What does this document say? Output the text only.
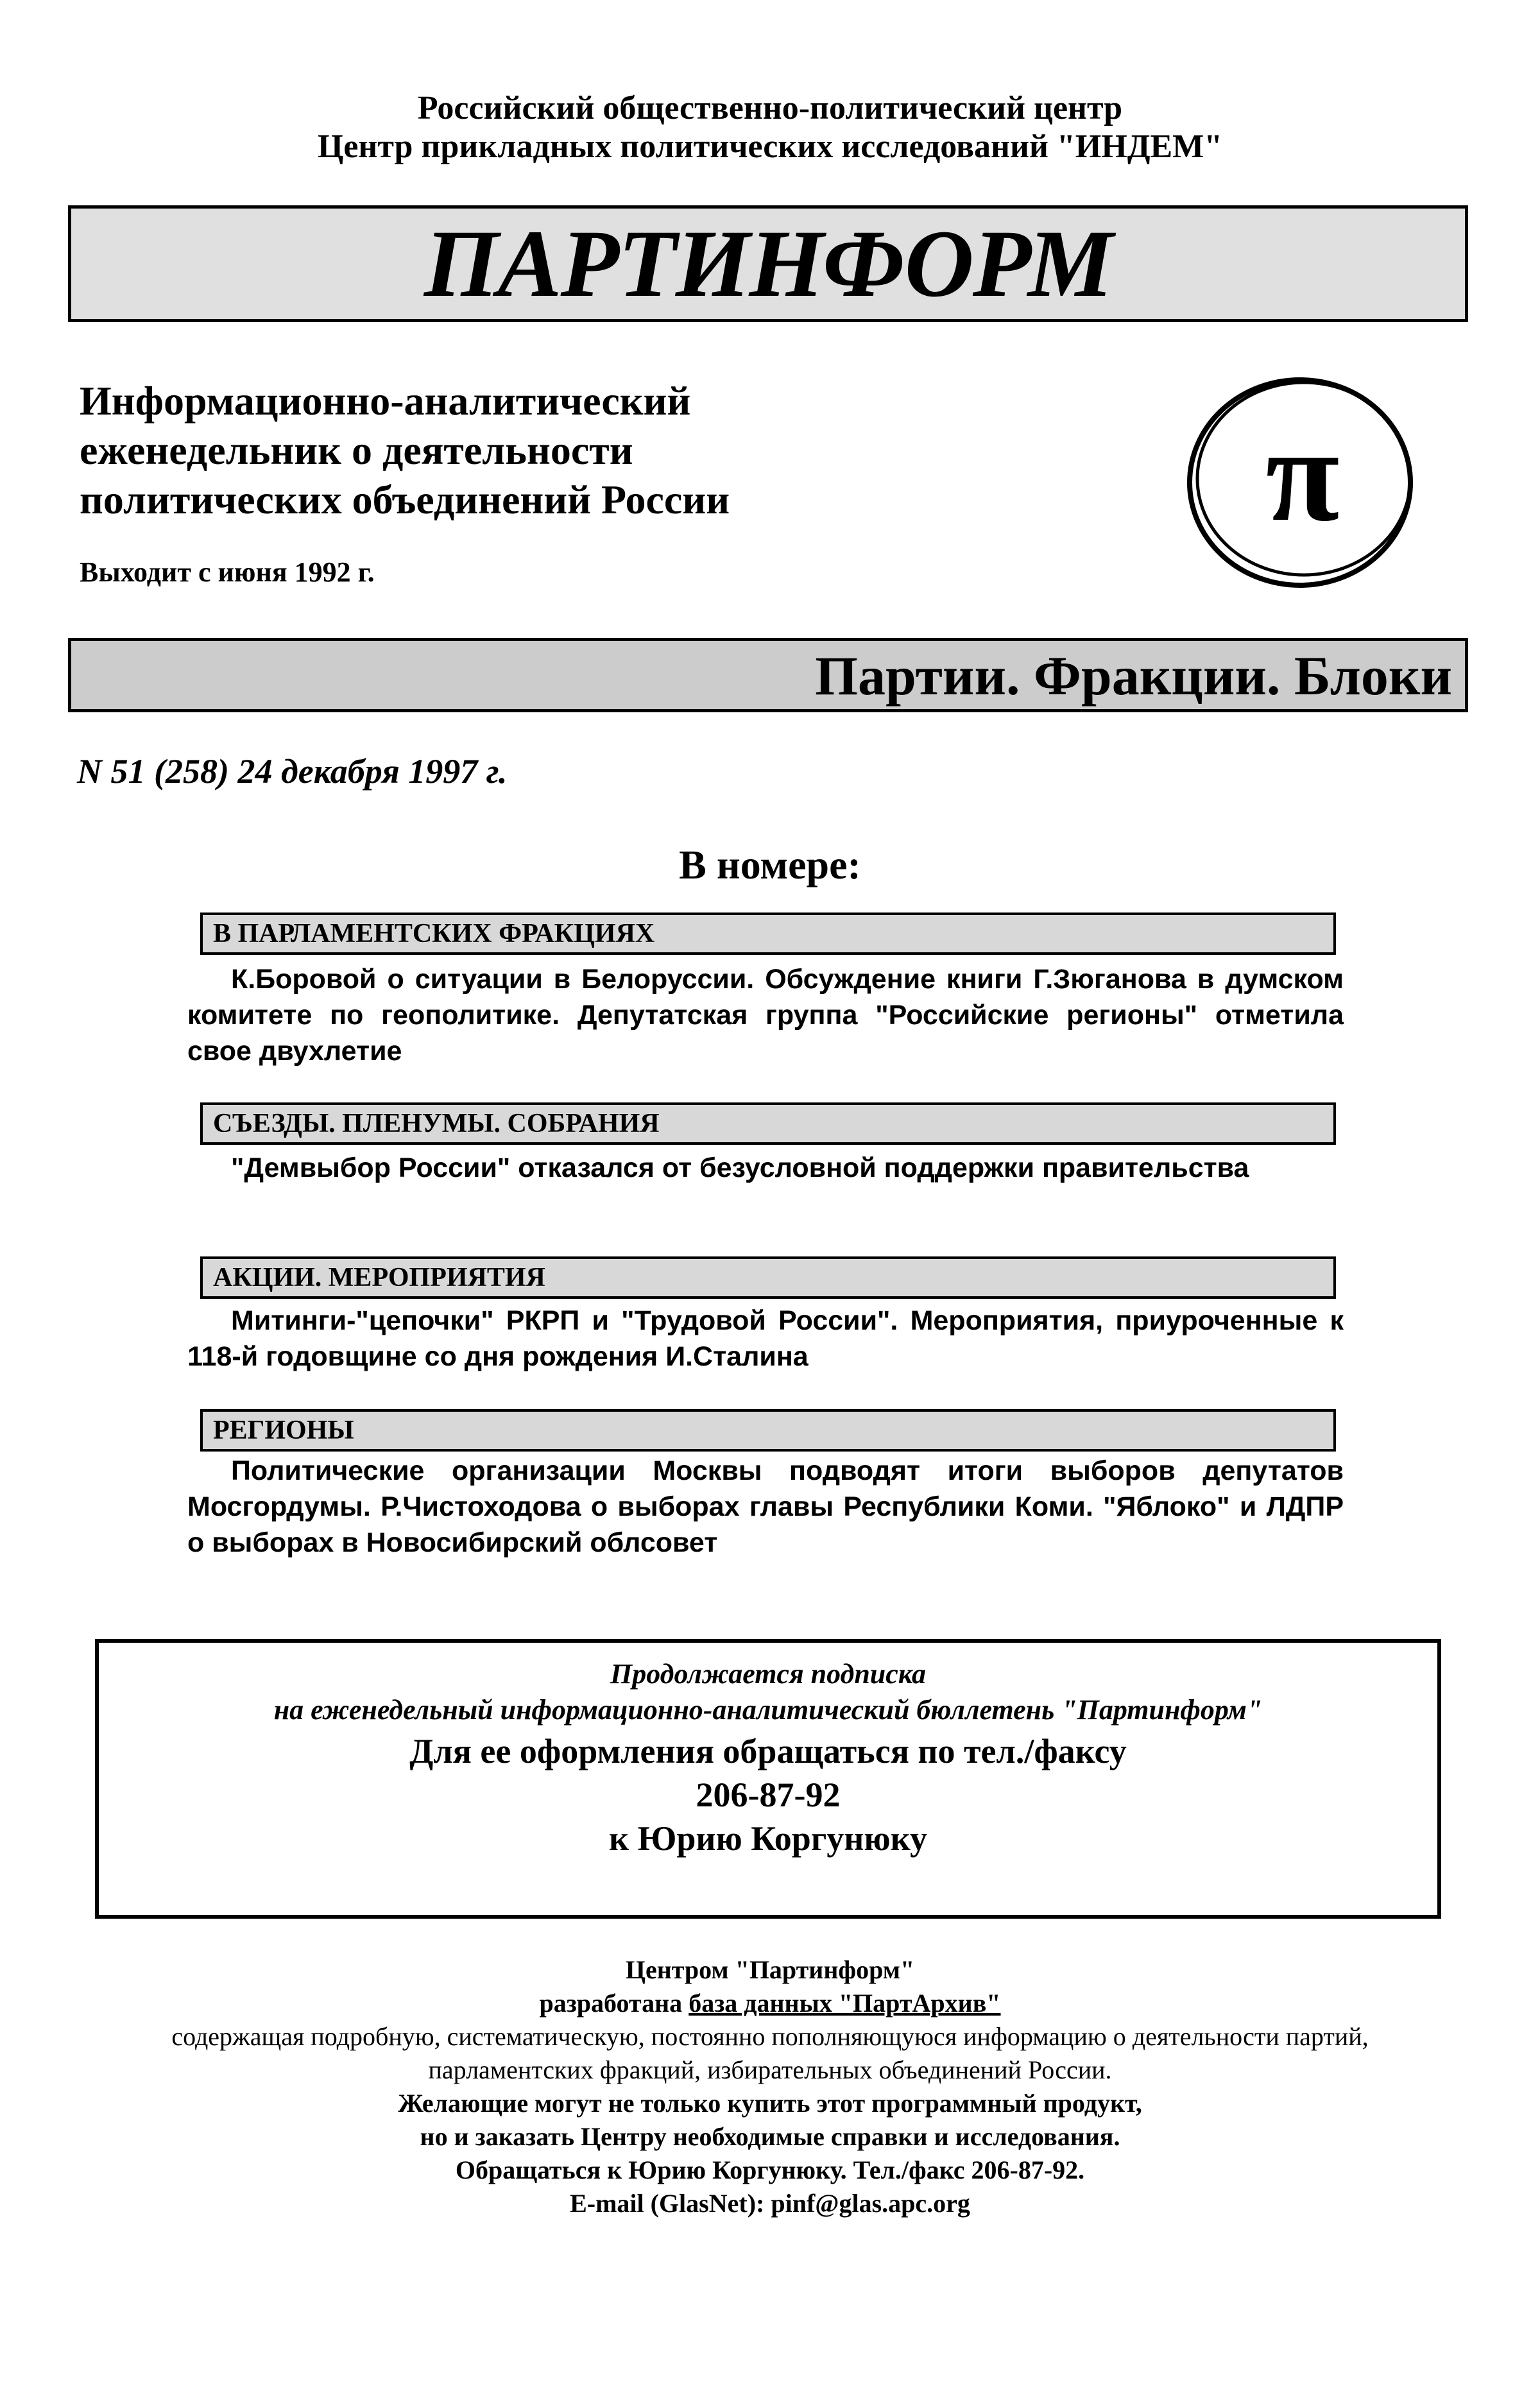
Российский общественно-политический центр
Центр прикладных политических исследований "ИНДЕМ"
ПАРТИНФОРМ
Информационно-аналитический
еженедельник о деятельности
политических объединений России
Выходит с июня 1992 г.
π
Партии. Фракции. Блоки
N 51 (258) 24 декабря 1997 г.
В номере:
В ПАРЛАМЕНТСКИХ ФРАКЦИЯХ
К.Боровой о ситуации в Белоруссии. Обсуждение книги Г.Зюганова в думском комитете по геополитике. Депутатская группа "Российские регионы" отметила свое двухлетие
СЪЕЗДЫ. ПЛЕНУМЫ. СОБРАНИЯ
"Демвыбор России" отказался от безусловной поддержки правительства
АКЦИИ. МЕРОПРИЯТИЯ
Митинги-"цепочки" РКРП и "Трудовой России". Мероприятия, приуроченные к 118-й годовщине со дня рождения И.Сталина
РЕГИОНЫ
Политические организации Москвы подводят итоги выборов депутатов Мосгордумы. Р.Чистоходова о выборах главы Республики Коми. "Яблоко" и ЛДПР о выборах в Новосибирский облсовет
Продолжается подписка
на еженедельный информационно-аналитический бюллетень "Партинформ"
Для ее оформления обращаться по тел./факсу
206-87-92
к Юрию Коргунюку
Центром "Партинформ"
разработана база данных "ПартАрхив"
содержащая подробную, систематическую, постоянно пополняющуюся информацию о деятельности партий,
парламентских фракций, избирательных объединений России.
Желающие могут не только купить этот программный продукт,
но и заказать Центру необходимые справки и исследования.
Обращаться к Юрию Коргунюку. Тел./факс 206-87-92.
E-mail (GlasNet): pinf@glas.apc.org
